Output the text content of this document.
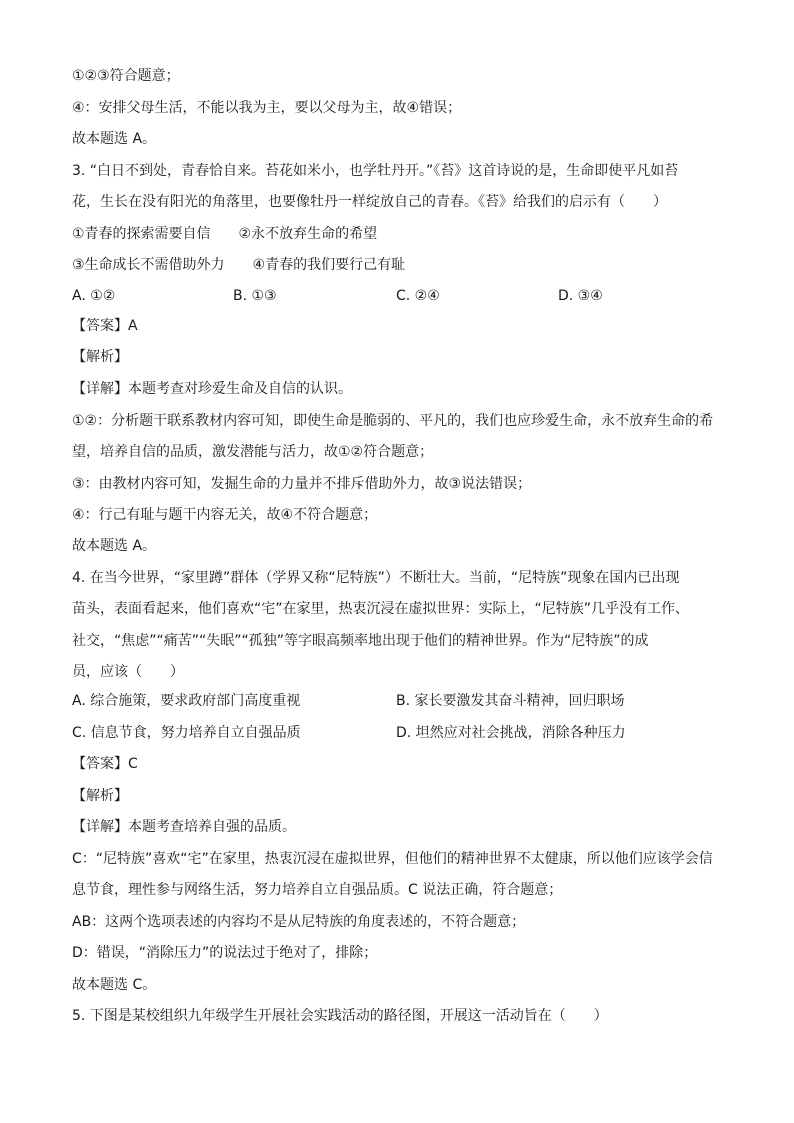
①②③符合题意；
④：安排父母生活，不能以我为主，要以父母为主，故④错误；
故本题选 A。
3. “白日不到处，青春恰自来。苔花如米小，也学牡丹开。”《苔》这首诗说的是，生命即使平凡如苔
花，生长在没有阳光的角落里，也要像牡丹一样绽放自己的青春。《苔》给我们的启示有（　　）
①青春的探索需要自信　　②永不放弃生命的希望
③生命成长不需借助外力　　④青春的我们要行己有耻
A. ①②	B. ①③	C. ②④	D. ③④
【答案】A
【解析】
【详解】本题考查对珍爱生命及自信的认识。
①②：分析题干联系教材内容可知，即使生命是脆弱的、平凡的，我们也应珍爱生命，永不放弃生命的希
望，培养自信的品质，激发潜能与活力，故①②符合题意；
③：由教材内容可知，发掘生命的力量并不排斥借助外力，故③说法错误；
④：行己有耻与题干内容无关，故④不符合题意；
故本题选 A。
4. 在当今世界，“家里蹲”群体（学界又称“尼特族”）不断壮大。当前，“尼特族”现象在国内已出现
苗头，表面看起来，他们喜欢“宅”在家里，热衷沉浸在虚拟世界：实际上，“尼特族”几乎没有工作、
社交，“焦虑”“痛苦”“失眠”“孤独”等字眼高频率地出现于他们的精神世界。作为“尼特族”的成
员，应该（　　）
A. 综合施策，要求政府部门高度重视	B. 家长要激发其奋斗精神，回归职场
C. 信息节食，努力培养自立自强品质	D. 坦然应对社会挑战，消除各种压力
【答案】C
【解析】
【详解】本题考查培养自强的品质。
C：“尼特族”喜欢“宅”在家里，热衷沉浸在虚拟世界，但他们的精神世界不太健康，所以他们应该学会信
息节食，理性参与网络生活，努力培养自立自强品质。C 说法正确，符合题意；
AB：这两个选项表述的内容均不是从尼特族的角度表述的，不符合题意；
D：错误，“消除压力”的说法过于绝对了，排除；
故本题选 C。
5. 下图是某校组织九年级学生开展社会实践活动的路径图，开展这一活动旨在（　　）
